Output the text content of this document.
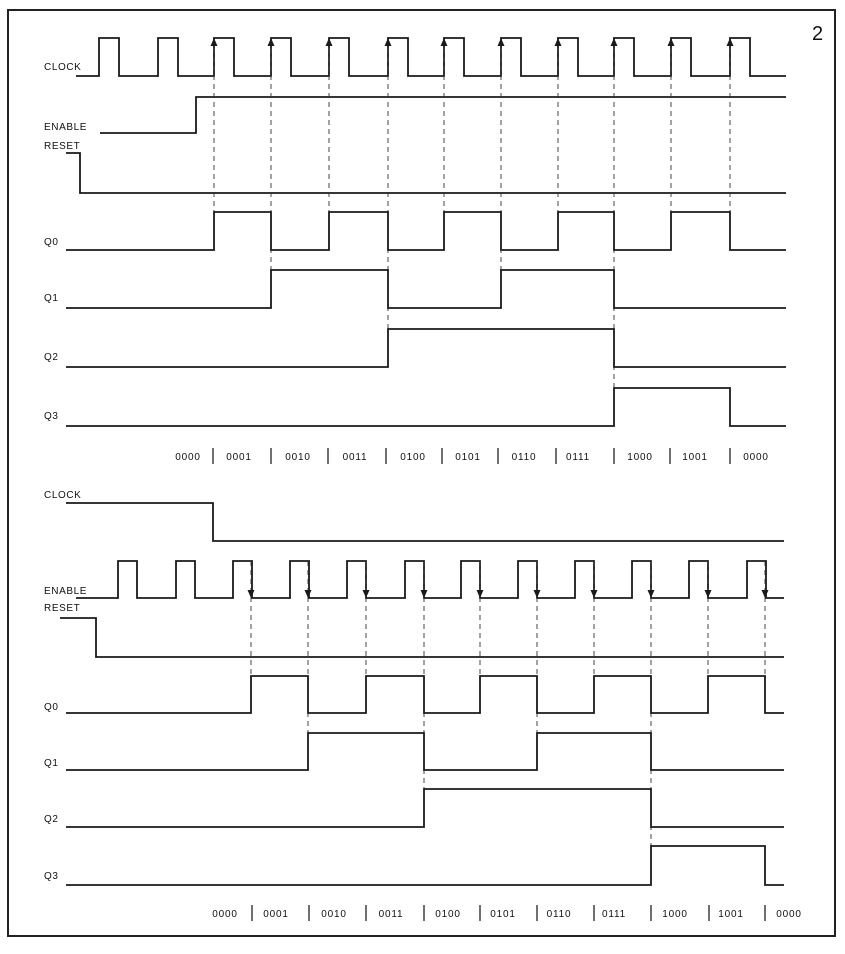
2
CLOCK
ENABLE
RESET
Q0
Q1
Q2
Q3
0000	0001	0010	0011	0100	0101	0110	0111	1000	1001	0000
CLOCK
ENABLE
RESET
Q0
Q1
Q2
Q3
0000	0001	0010	0011	0100	0101	0110	0111	1000	1001	0000
